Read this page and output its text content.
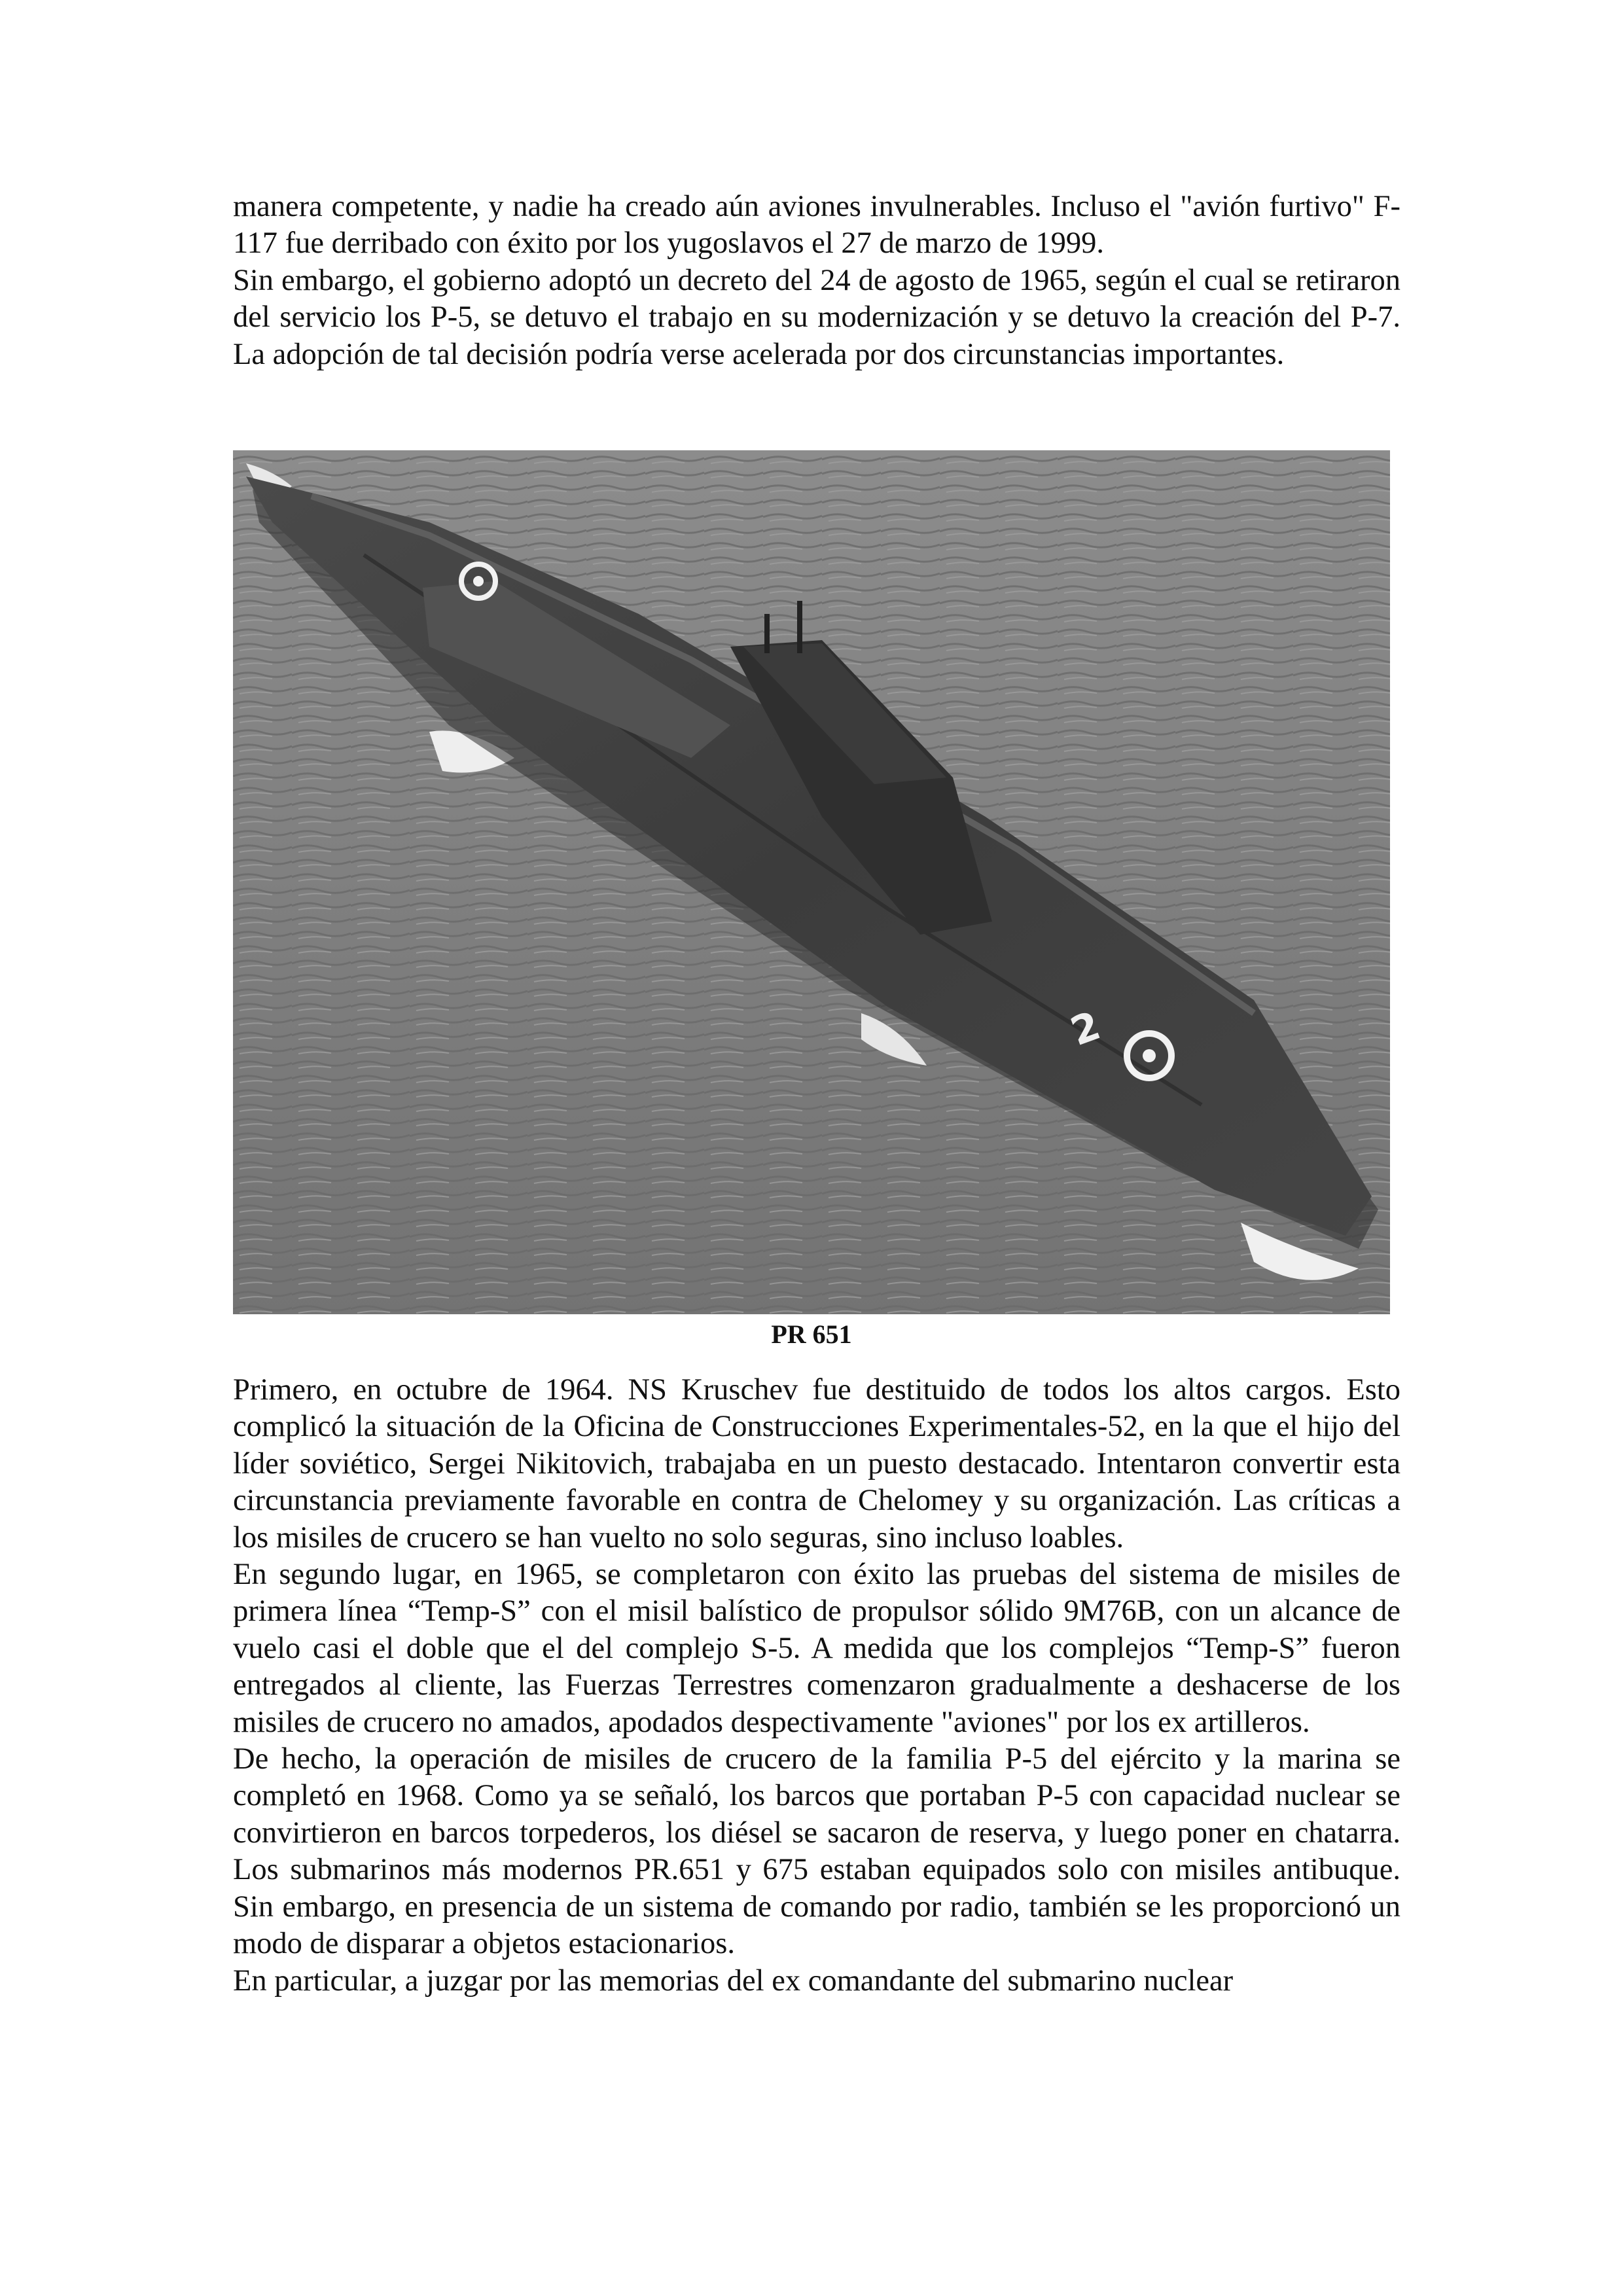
manera competente, y nadie ha creado aún aviones invulnerables. Incluso el "avión furtivo" F-117 fue derribado con éxito por los yugoslavos el 27 de marzo de 1999.

Sin embargo, el gobierno adoptó un decreto del 24 de agosto de 1965, según el cual se retiraron del servicio los P-5, se detuvo el trabajo en su modernización y se detuvo la creación del P-7. La adopción de tal decisión podría verse acelerada por dos circunstancias importantes.

2
PR 651

Primero, en octubre de 1964. NS Kruschev fue destituido de todos los altos cargos. Esto complicó la situación de la Oficina de Construcciones Experimentales-52, en la que el hijo del líder soviético, Sergei Nikitovich, trabajaba en un puesto destacado. Intentaron convertir esta circunstancia previamente favorable en contra de Chelomey y su organización. Las críticas a los misiles de crucero se han vuelto no solo seguras, sino incluso loables.

En segundo lugar, en 1965, se completaron con éxito las pruebas del sistema de misiles de primera línea “Temp-S” con el misil balístico de propulsor sólido 9M76B, con un alcance de vuelo casi el doble que el del complejo S-5. A medida que los complejos “Temp-S” fueron entregados al cliente, las Fuerzas Terrestres comenzaron gradualmente a deshacerse de los misiles de crucero no amados, apodados despectivamente "aviones" por los ex artilleros.

De hecho, la operación de misiles de crucero de la familia P-5 del ejército y la marina se completó en 1968. Como ya se señaló, los barcos que portaban P-5 con capacidad nuclear se convirtieron en barcos torpederos, los diésel se sacaron de reserva, y luego poner en chatarra. Los submarinos más modernos PR.651 y 675 estaban equipados solo con misiles antibuque. Sin embargo, en presencia de un sistema de comando por radio, también se les proporcionó un modo de disparar a objetos estacionarios.

En particular, a juzgar por las memorias del ex comandante del submarino nuclear
